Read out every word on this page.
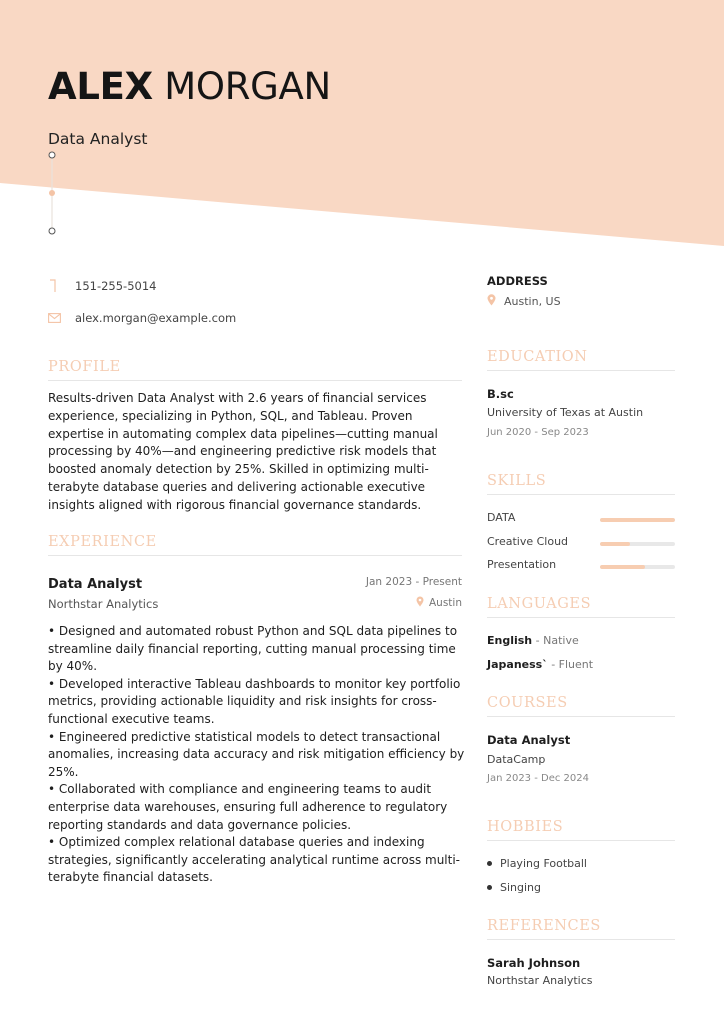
ALEX MORGAN
Data Analyst
151-255-5014
alex.morgan@example.com
PROFILE
Results-driven Data Analyst with 2.6 years of financial services experience, specializing in Python, SQL, and Tableau. Proven expertise in automating complex data pipelines—cutting manual processing by 40%—and engineering predictive risk models that boosted anomaly detection by 25%. Skilled in optimizing multi-terabyte database queries and delivering actionable executive insights aligned with rigorous financial governance standards.
EXPERIENCE
Data Analyst	Jan 2023 - Present
Northstar Analytics	Austin
• Designed and automated robust Python and SQL data pipelines to streamline daily financial reporting, cutting manual processing time by 40%.
• Developed interactive Tableau dashboards to monitor key portfolio metrics, providing actionable liquidity and risk insights for cross-functional executive teams.
• Engineered predictive statistical models to detect transactional anomalies, increasing data accuracy and risk mitigation efficiency by 25%.
• Collaborated with compliance and engineering teams to audit enterprise data warehouses, ensuring full adherence to regulatory reporting standards and data governance policies.
• Optimized complex relational database queries and indexing strategies, significantly accelerating analytical runtime across multi-terabyte financial datasets.
ADDRESS
Austin, US
EDUCATION
B.sc
University of Texas at Austin
Jun 2020 - Sep 2023
SKILLS
DATA
Creative Cloud
Presentation
LANGUAGES
English - Native
Japaness` - Fluent
COURSES
Data Analyst
DataCamp
Jan 2023 - Dec 2024
HOBBIES
Playing Football
Singing
REFERENCES
Sarah Johnson
Northstar Analytics
